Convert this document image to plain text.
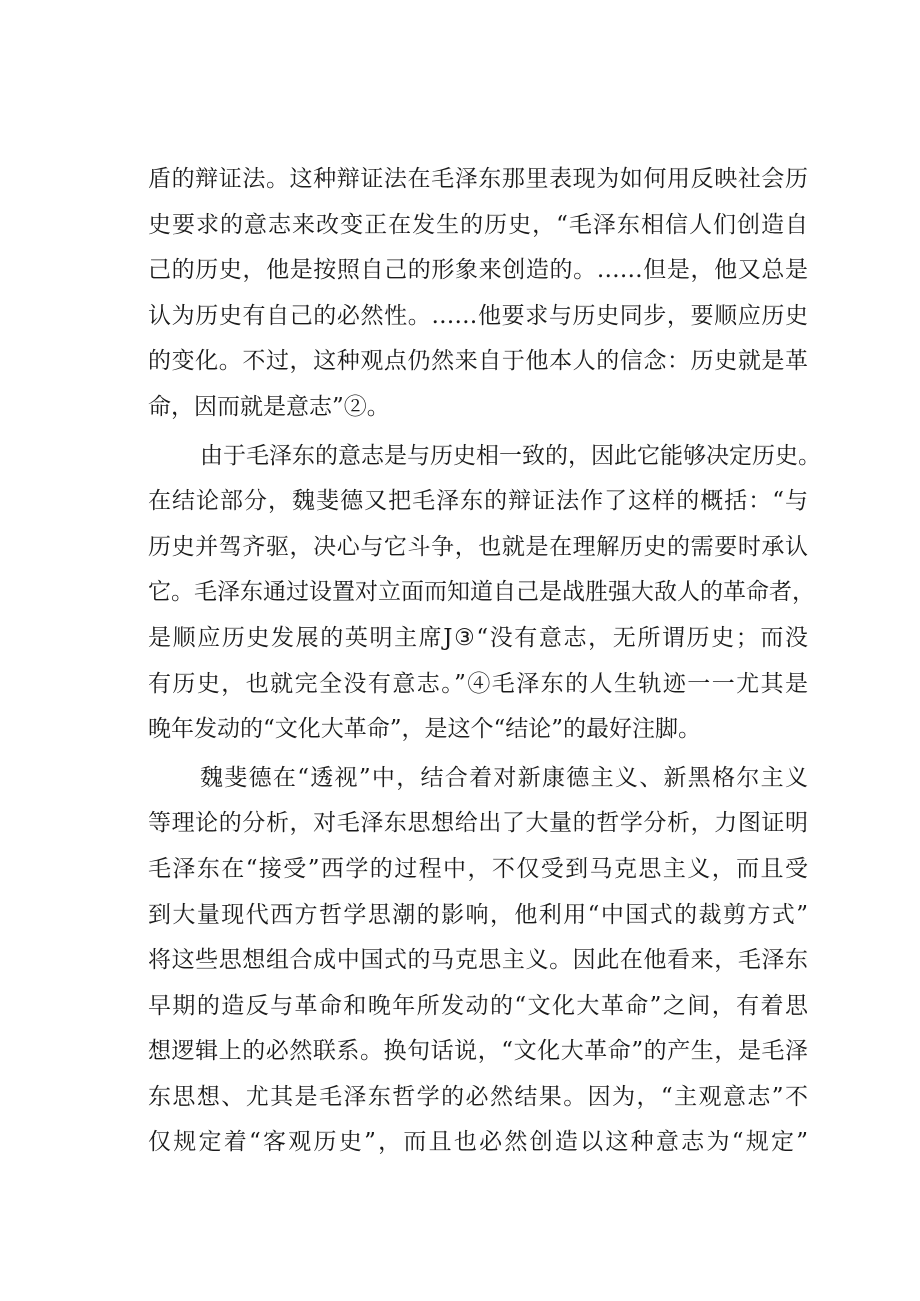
盾的辩证法。这种辩证法在毛泽东那里表现为如何用反映社会历
史要求的意志来改变正在发生的历史，“毛泽东相信人们创造自
己的历史，他是按照自己的形象来创造的。……但是，他又总是
认为历史有自己的必然性。……他要求与历史同步，要顺应历史
的变化。不过，这种观点仍然来自于他本人的信念：历史就是革
命，因而就是意志”②。
由于毛泽东的意志是与历史相一致的，因此它能够决定历史。
在结论部分，魏斐德又把毛泽东的辩证法作了这样的概括：“与
历史并驾齐驱，决心与它斗争，也就是在理解历史的需要时承认
它。毛泽东通过设置对立面而知道自己是战胜强大敌人的革命者，
是顺应历史发展的英明主席J③“没有意志，无所谓历史；而没
有历史，也就完全没有意志。”④毛泽东的人生轨迹一一尤其是
晚年发动的“文化大革命”，是这个“结论”的最好注脚。
魏斐德在“透视”中，结合着对新康德主义、新黑格尔主义
等理论的分析，对毛泽东思想给出了大量的哲学分析，力图证明
毛泽东在“接受”西学的过程中，不仅受到马克思主义，而且受
到大量现代西方哲学思潮的影响，他利用“中国式的裁剪方式”
将这些思想组合成中国式的马克思主义。因此在他看来，毛泽东
早期的造反与革命和晚年所发动的“文化大革命”之间，有着思
想逻辑上的必然联系。换句话说，“文化大革命”的产生，是毛泽
东思想、尤其是毛泽东哲学的必然结果。因为，“主观意志”不
仅规定着“客观历史”，而且也必然创造以这种意志为“规定”
